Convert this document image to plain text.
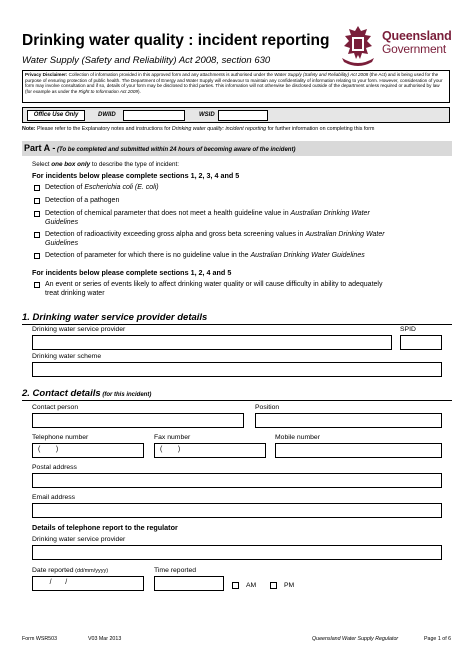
Drinking water quality : incident reporting
Water Supply (Safety and Reliability) Act 2008, section 630
Queensland
Government
Privacy Disclaimer: Collection of information provided in this approved form and any attachments is authorised under the Water Supply (Safety and Reliability) Act 2008 (the Act) and is being used for the purpose of ensuring protection of public health. The Department of Energy and Water Supply will endeavour to maintain any confidentiality of information relating to your form. However, consideration of your form may involve consultation and if so, details of your form may be disclosed to third parties. This information will not otherwise be disclosed outside of the department unless required or authorised by law (for example as under the Right to Information Act 2009).
Office Use Only	DWIID	WSID
Note: Please refer to the Explanatory notes and instructions for Drinking water quality: incident reporting for further information on completing this form
Part A - (To be completed and submitted within 24 hours of becoming aware of the incident)
Select one box only to describe the type of incident:
For incidents below please complete sections 1, 2, 3, 4 and 5
Detection of Escherichia coli (E. coli)
Detection of a pathogen
Detection of chemical parameter that does not meet a health guideline value in Australian Drinking Water
Guidelines
Detection of radioactivity exceeding gross alpha and gross beta screening values in Australian Drinking Water
Guidelines
Detection of parameter for which there is no guideline value in the Australian Drinking Water Guidelines
For incidents below please complete sections 1, 2, 4 and 5
An event or series of events likely to affect drinking water quality or will cause difficulty in ability to adequately
treat drinking water
1. Drinking water service provider details
Drinking water service provider	SPID
Drinking water scheme
2. Contact details (for this incident)
Contact person	Position
Telephone number	Fax number	Mobile number
(        )	(        )
Postal address
Email address
Details of telephone report to the regulator
Drinking water service provider
Date reported (dd/mm/yyyy)	Time reported
/       /	AM	PM
Form WSR503	V03 Mar 2013	Queensland Water Supply Regulator	Page 1 of 6
